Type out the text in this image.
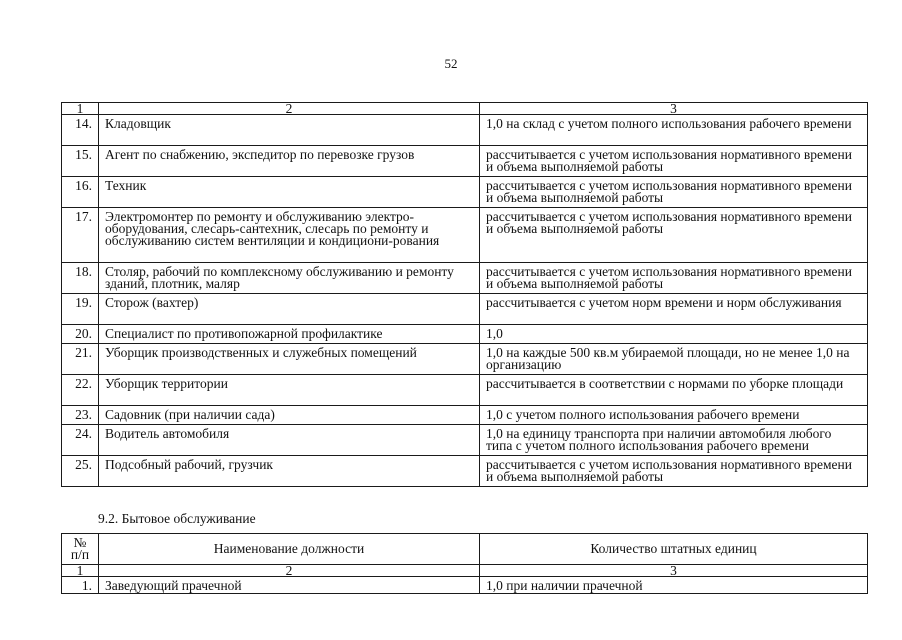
52
1	2	3
14.	Кладовщик	1,0 на склад с учетом полного использования рабочего времени
15.	Агент по снабжению, экспедитор по перевозке грузов	рассчитывается с учетом использования нормативного времени и объема выполняемой работы
16.	Техник	рассчитывается с учетом использования нормативного времени и объема выполняемой работы
17.	Электромонтер по ремонту и обслуживанию электро-оборудования, слесарь-сантехник, слесарь по ремонту и обслуживанию систем вентиляции и кондициони-рования	рассчитывается с учетом использования нормативного времени и объема выполняемой работы
18.	Столяр, рабочий по комплексному обслуживанию и ремонту зданий, плотник, маляр	рассчитывается с учетом использования нормативного времени и объема выполняемой работы
19.	Сторож (вахтер)	рассчитывается с учетом норм времени и норм обслуживания
20.	Специалист по противопожарной профилактике	1,0
21.	Уборщик производственных и служебных помещений	1,0 на каждые 500 кв.м убираемой площади, но не менее 1,0 на организацию
22.	Уборщик территории	рассчитывается в соответствии с нормами по уборке площади
23.	Садовник (при наличии сада)	1,0 с учетом полного использования рабочего времени
24.	Водитель автомобиля	1,0 на единицу транспорта при наличии автомобиля любого типа с учетом полного использования рабочего времени
25.	Подсобный рабочий, грузчик	рассчитывается с учетом использования нормативного времени и объема выполняемой работы
9.2. Бытовое обслуживание
№
п/п	Наименование должности	Количество штатных единиц
1	2	3
1.	Заведующий прачечной	1,0 при наличии прачечной
